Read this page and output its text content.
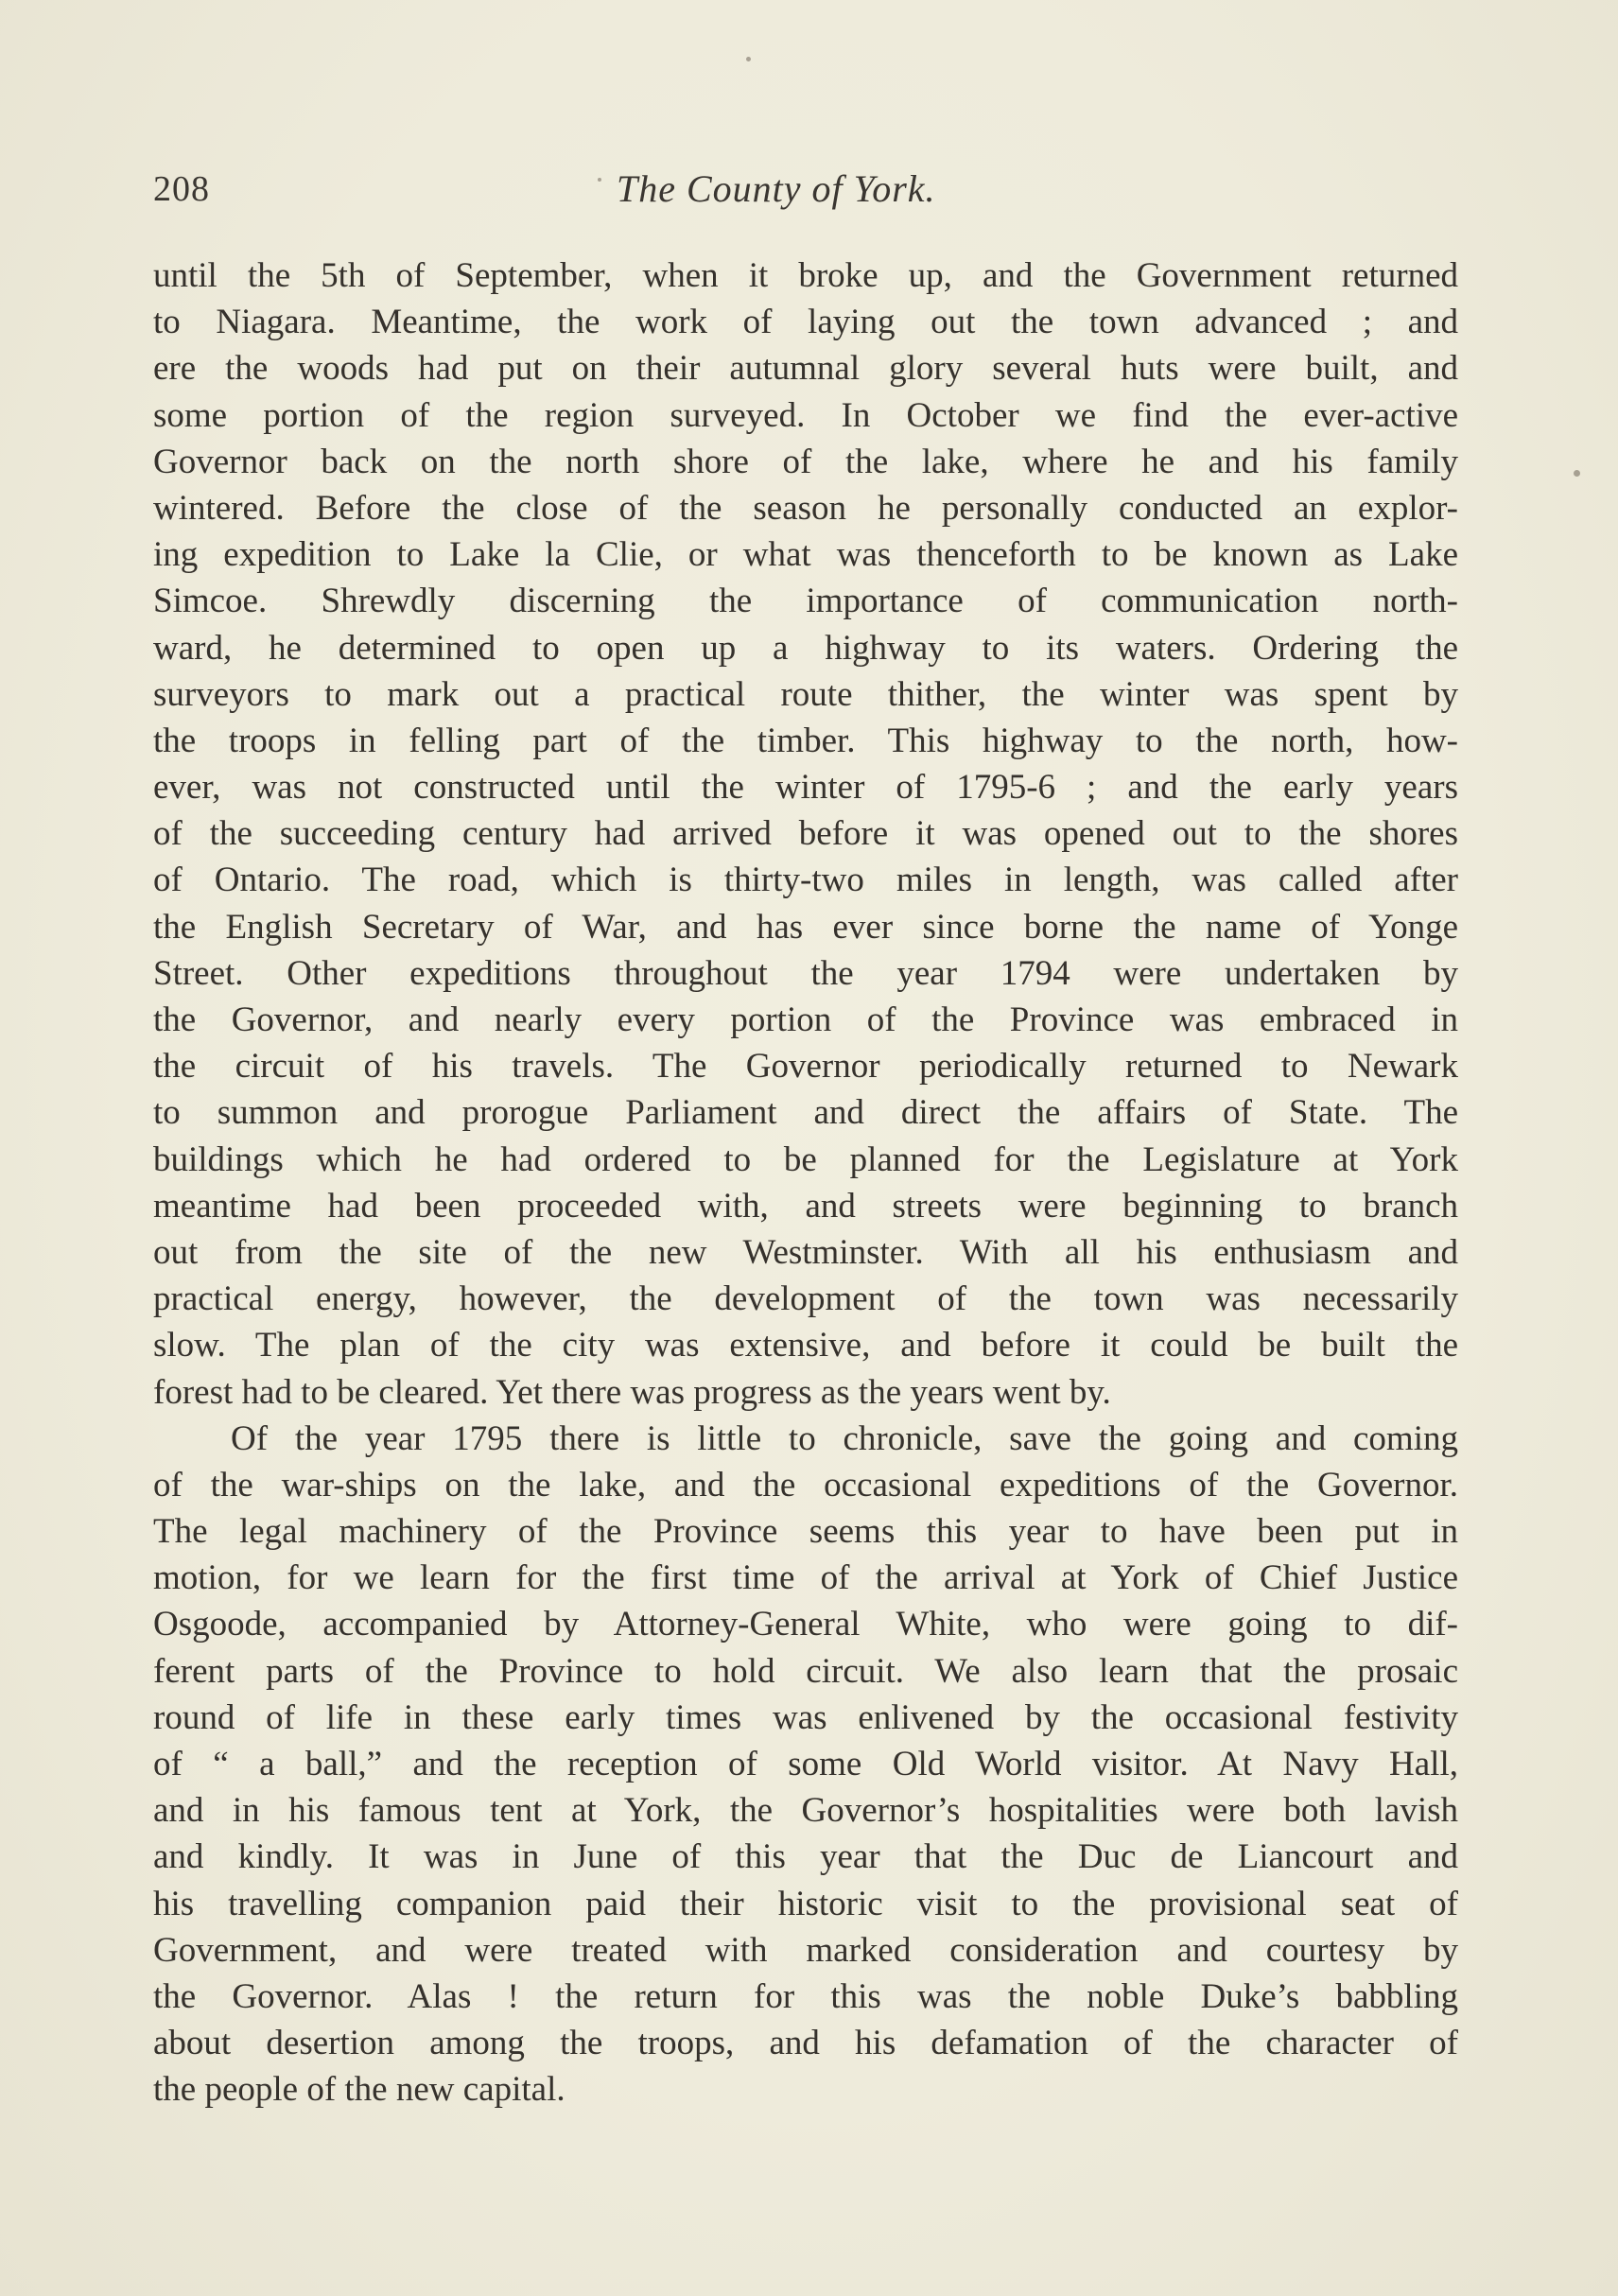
208	The County of York.
until the 5th of September, when it broke up, and the Government returned
to Niagara. Meantime, the work of laying out the town advanced ; and
ere the woods had put on their autumnal glory several huts were built, and
some portion of the region surveyed. In October we find the ever-active
Governor back on the north shore of the lake, where he and his family
wintered. Before the close of the season he personally conducted an explor-
ing expedition to Lake la Clie, or what was thenceforth to be known as Lake
Simcoe. Shrewdly discerning the importance of communication north-
ward, he determined to open up a highway to its waters. Ordering the
surveyors to mark out a practical route thither, the winter was spent by
the troops in felling part of the timber. This highway to the north, how-
ever, was not constructed until the winter of 1795-6 ; and the early years
of the succeeding century had arrived before it was opened out to the shores
of Ontario. The road, which is thirty-two miles in length, was called after
the English Secretary of War, and has ever since borne the name of Yonge
Street. Other expeditions throughout the year 1794 were undertaken by
the Governor, and nearly every portion of the Province was embraced in
the circuit of his travels. The Governor periodically returned to Newark
to summon and prorogue Parliament and direct the affairs of State. The
buildings which he had ordered to be planned for the Legislature at York
meantime had been proceeded with, and streets were beginning to branch
out from the site of the new Westminster. With all his enthusiasm and
practical energy, however, the development of the town was necessarily
slow. The plan of the city was extensive, and before it could be built the
forest had to be cleared. Yet there was progress as the years went by.
Of the year 1795 there is little to chronicle, save the going and coming
of the war-ships on the lake, and the occasional expeditions of the Governor.
The legal machinery of the Province seems this year to have been put in
motion, for we learn for the first time of the arrival at York of Chief Justice
Osgoode, accompanied by Attorney-General White, who were going to dif-
ferent parts of the Province to hold circuit. We also learn that the prosaic
round of life in these early times was enlivened by the occasional festivity
of “ a ball,” and the reception of some Old World visitor. At Navy Hall,
and in his famous tent at York, the Governor’s hospitalities were both lavish
and kindly. It was in June of this year that the Duc de Liancourt and
his travelling companion paid their historic visit to the provisional seat of
Government, and were treated with marked consideration and courtesy by
the Governor. Alas ! the return for this was the noble Duke’s babbling
about desertion among the troops, and his defamation of the character of
the people of the new capital.
